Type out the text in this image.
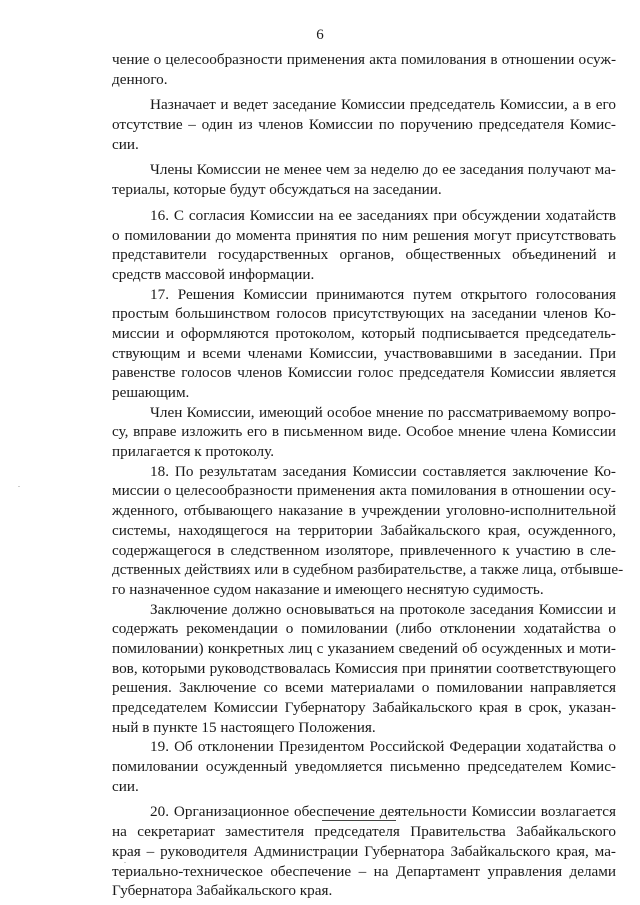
6
чение о целесообразности применения акта помилования в отношении осуж-
денного.
Назначает и ведет заседание Комиссии председатель Комиссии, а в его
отсутствие – один из членов Комиссии по поручению председателя Комис-
сии.
Члены Комиссии не менее чем за неделю до ее заседания получают ма-
териалы, которые будут обсуждаться на заседании.
16. С согласия Комиссии на ее заседаниях при обсуждении ходатайств
о помиловании до момента принятия по ним решения могут присутствовать
представители государственных органов, общественных объединений и
средств массовой информации.
17. Решения Комиссии принимаются путем открытого голосования
простым большинством голосов присутствующих на заседании членов Ко-
миссии и оформляются протоколом, который подписывается председатель-
ствующим и всеми членами Комиссии, участвовавшими в заседании. При
равенстве голосов членов Комиссии голос председателя Комиссии является
решающим.
Член Комиссии, имеющий особое мнение по рассматриваемому вопро-
су, вправе изложить его в письменном виде. Особое мнение члена Комиссии
прилагается к протоколу.
18. По результатам заседания Комиссии составляется заключение Ко-
миссии о целесообразности применения акта помилования в отношении осу-
жденного, отбывающего наказание в учреждении уголовно-исполнительной
системы, находящегося на территории Забайкальского края, осужденного,
содержащегося в следственном изоляторе, привлеченного к участию в сле-
дственных действиях или в судебном разбирательстве, а также лица, отбывше-
го назначенное судом наказание и имеющего неснятую судимость.
Заключение должно основываться на протоколе заседания Комиссии и
содержать рекомендации о помиловании (либо отклонении ходатайства о
помиловании) конкретных лиц с указанием сведений об осужденных и моти-
вов, которыми руководствовалась Комиссия при принятии соответствующего
решения. Заключение со всеми материалами о помиловании направляется
председателем Комиссии Губернатору Забайкальского края в срок, указан-
ный в пункте 15 настоящего Положения.
19. Об отклонении Президентом Российской Федерации ходатайства о
помиловании осужденный уведомляется письменно председателем Комис-
сии.
20. Организационное обеспечение деятельности Комиссии возлагается
на секретариат заместителя председателя Правительства Забайкальского
края – руководителя Администрации Губернатора Забайкальского края, ма-
териально-техническое обеспечение – на Департамент управления делами
Губернатора Забайкальского края.
